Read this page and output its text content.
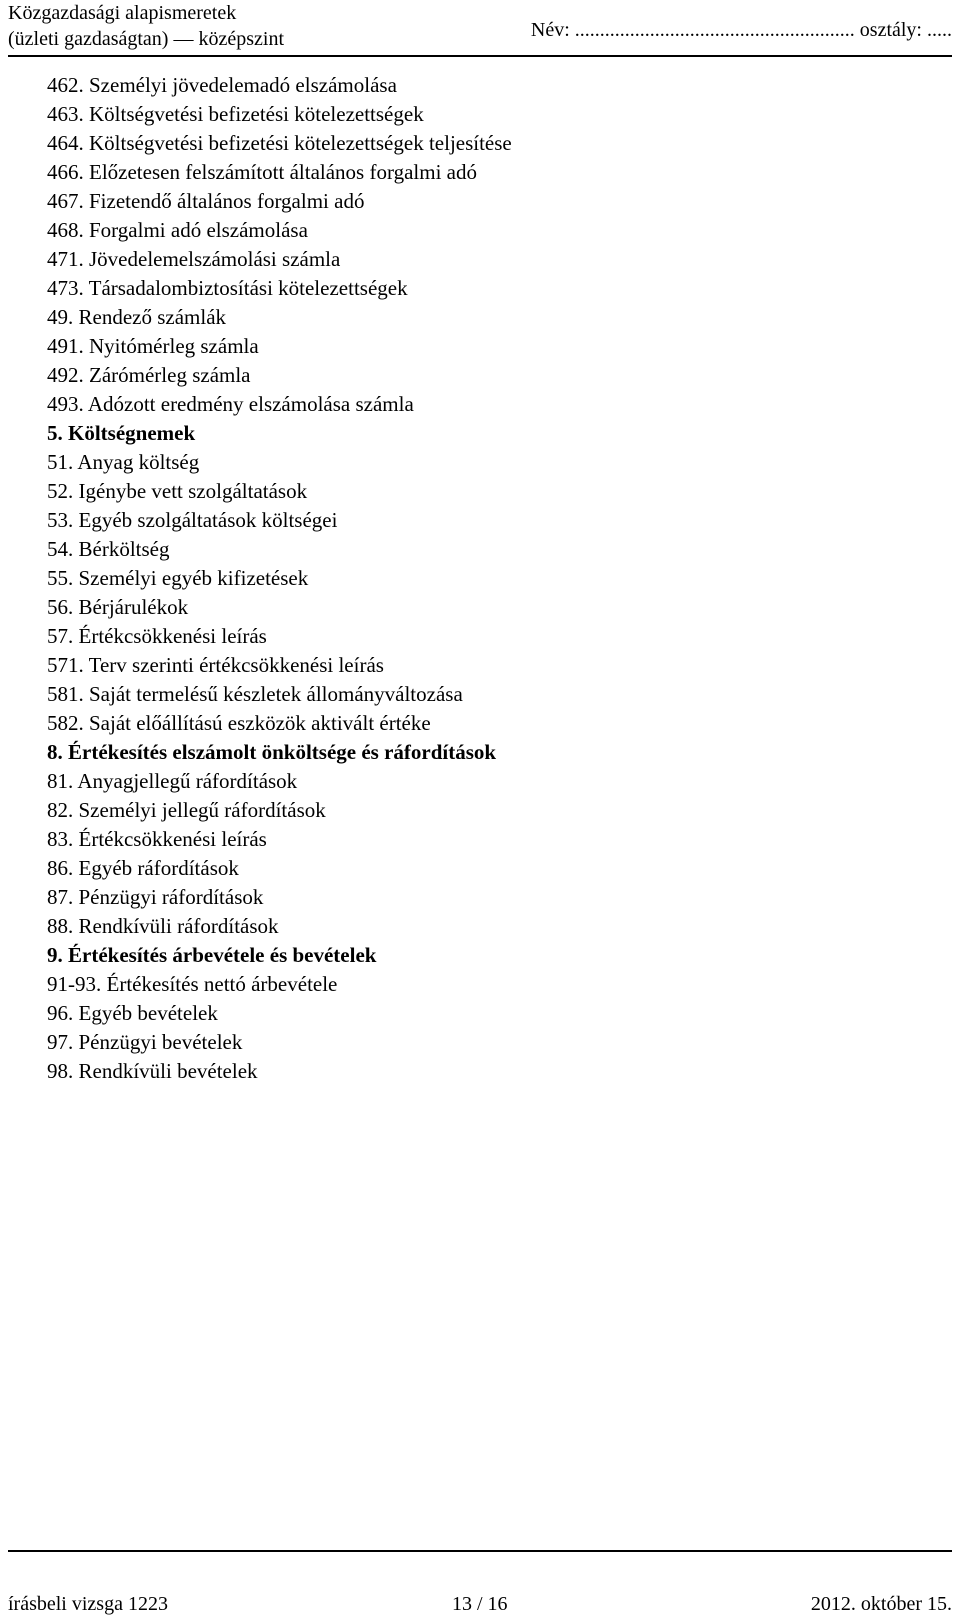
Közgazdasági alapismeretek
(üzleti gazdaságtan) — középszint	Név: ........................................................ osztály: .....
462. Személyi jövedelemadó elszámolása
463. Költségvetési befizetési kötelezettségek
464. Költségvetési befizetési kötelezettségek teljesítése
466. Előzetesen felszámított általános forgalmi adó
467. Fizetendő általános forgalmi adó
468. Forgalmi adó elszámolása
471. Jövedelemelszámolási számla
473. Társadalombiztosítási kötelezettségek
49. Rendező számlák
491. Nyitómérleg számla
492. Zárómérleg számla
493. Adózott eredmény elszámolása számla
5. Költségnemek
51. Anyag költség
52. Igénybe vett szolgáltatások
53. Egyéb szolgáltatások költségei
54. Bérköltség
55. Személyi egyéb kifizetések
56. Bérjárulékok
57. Értékcsökkenési leírás
571. Terv szerinti értékcsökkenési leírás
581. Saját termelésű készletek állományváltozása
582. Saját előállítású eszközök aktivált értéke
8. Értékesítés elszámolt önköltsége és ráfordítások
81. Anyagjellegű ráfordítások
82. Személyi jellegű ráfordítások
83. Értékcsökkenési leírás
86. Egyéb ráfordítások
87. Pénzügyi ráfordítások
88. Rendkívüli ráfordítások
9. Értékesítés árbevétele és bevételek
91-93. Értékesítés nettó árbevétele
96. Egyéb bevételek
97. Pénzügyi bevételek
98. Rendkívüli bevételek
írásbeli vizsga 1223	13 / 16	2012. október 15.
